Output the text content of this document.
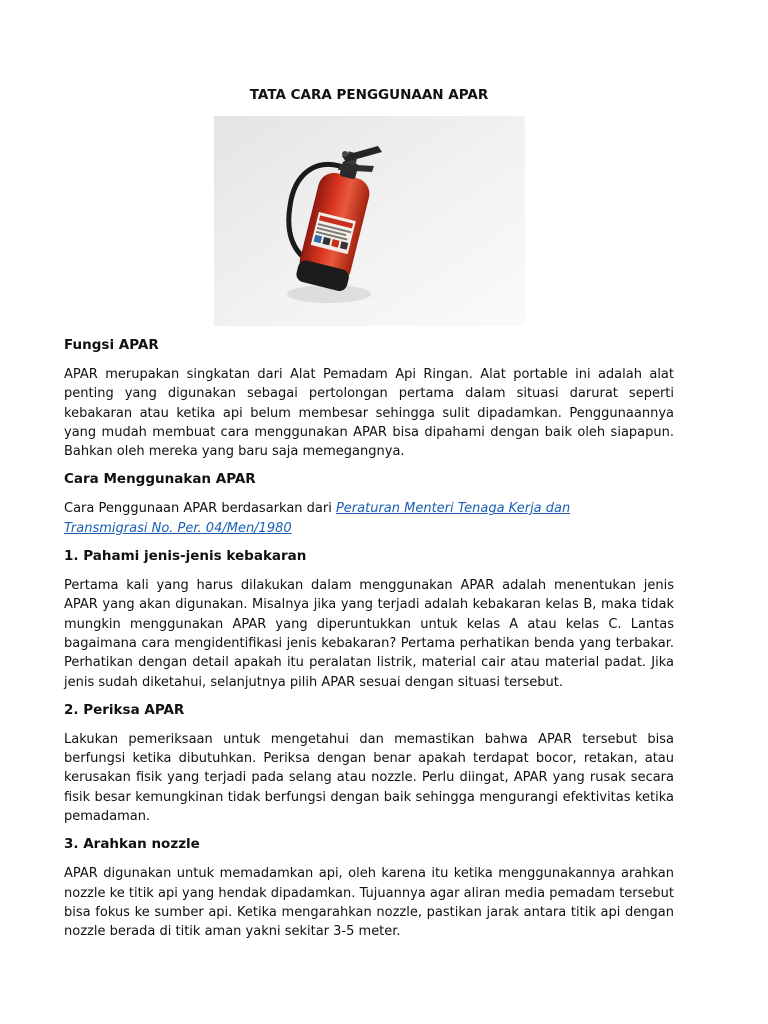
TATA CARA PENGGUNAAN APAR
Fungsi APAR

APAR merupakan singkatan dari Alat Pemadam Api Ringan. Alat portable ini adalah alat penting yang digunakan sebagai pertolongan pertama dalam situasi darurat seperti kebakaran atau ketika api belum membesar sehingga sulit dipadamkan. Penggunaannya yang mudah membuat cara menggunakan APAR bisa dipahami dengan baik oleh siapapun. Bahkan oleh mereka yang baru saja memegangnya.

Cara Menggunakan APAR

Cara Penggunaan APAR berdasarkan dari Peraturan Menteri Tenaga Kerja dan
Transmigrasi No. Per. 04/Men/1980

1. Pahami jenis-jenis kebakaran

Pertama kali yang harus dilakukan dalam menggunakan APAR adalah menentukan jenis APAR yang akan digunakan. Misalnya jika yang terjadi adalah kebakaran kelas B, maka tidak mungkin menggunakan APAR yang diperuntukkan untuk kelas A atau kelas C. Lantas bagaimana cara mengidentifikasi jenis kebakaran? Pertama perhatikan benda yang terbakar. Perhatikan dengan detail apakah itu peralatan listrik, material cair atau material padat. Jika jenis sudah diketahui, selanjutnya pilih APAR sesuai dengan situasi tersebut.

2. Periksa APAR

Lakukan pemeriksaan untuk mengetahui dan memastikan bahwa APAR tersebut bisa berfungsi ketika dibutuhkan. Periksa dengan benar apakah terdapat bocor, retakan, atau kerusakan fisik yang terjadi pada selang atau nozzle. Perlu diingat, APAR yang rusak secara fisik besar kemungkinan tidak berfungsi dengan baik sehingga mengurangi efektivitas ketika pemadaman.

3. Arahkan nozzle

APAR digunakan untuk memadamkan api, oleh karena itu ketika menggunakannya arahkan nozzle ke titik api yang hendak dipadamkan. Tujuannya agar aliran media pemadam tersebut bisa fokus ke sumber api. Ketika mengarahkan nozzle, pastikan jarak antara titik api dengan nozzle berada di titik aman yakni sekitar 3-5 meter.
